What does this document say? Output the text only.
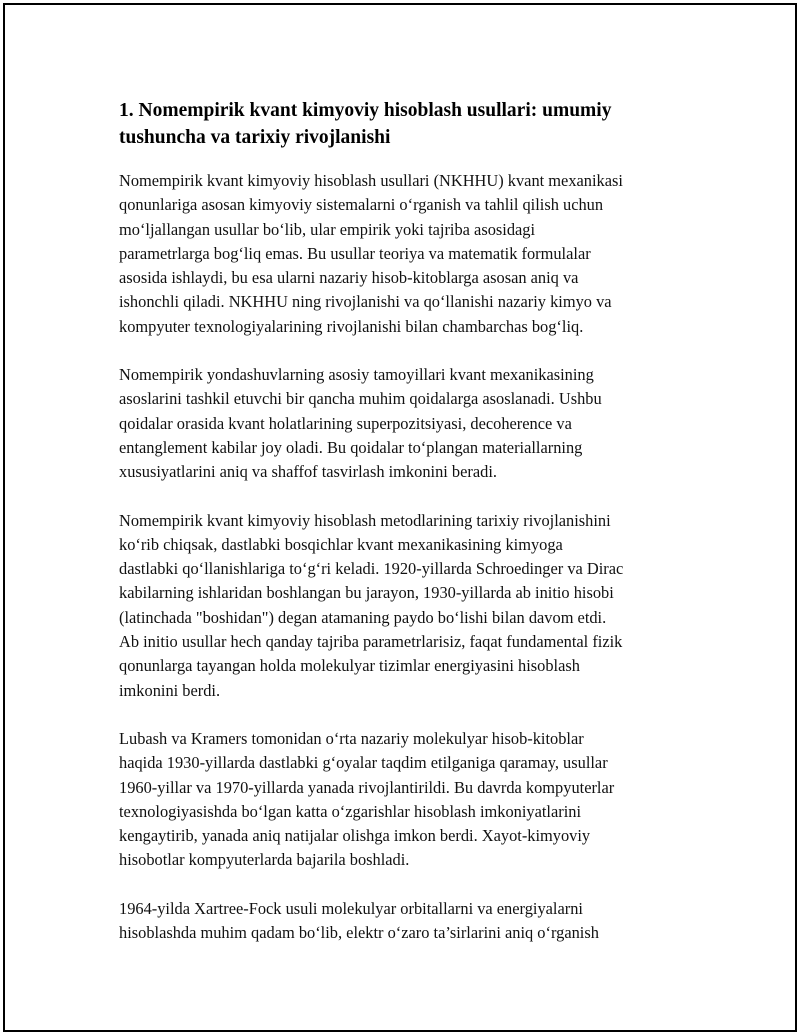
1. Nomempirik kvant kimyoviy hisoblash usullari: umumiy tushuncha va tarixiy rivojlanishi

Nomempirik kvant kimyoviy hisoblash usullari (NKHHU) kvant mexanikasi
qonunlariga asosan kimyoviy sistemalarni o‘rganish va tahlil qilish uchun
mo‘ljallangan usullar bo‘lib, ular empirik yoki tajriba asosidagi
parametrlarga bog‘liq emas. Bu usullar teoriya va matematik formulalar
asosida ishlaydi, bu esa ularni nazariy hisob-kitoblarga asosan aniq va
ishonchli qiladi. NKHHU ning rivojlanishi va qo‘llanishi nazariy kimyo va
kompyuter texnologiyalarining rivojlanishi bilan chambarchas bog‘liq.

Nomempirik yondashuvlarning asosiy tamoyillari kvant mexanikasining
asoslarini tashkil etuvchi bir qancha muhim qoidalarga asoslanadi. Ushbu
qoidalar orasida kvant holatlarining superpozitsiyasi, decoherence va
entanglement kabilar joy oladi. Bu qoidalar to‘plangan materiallarning
xususiyatlarini aniq va shaffof tasvirlash imkonini beradi.

Nomempirik kvant kimyoviy hisoblash metodlarining tarixiy rivojlanishini
ko‘rib chiqsak, dastlabki bosqichlar kvant mexanikasining kimyoga
dastlabki qo‘llanishlariga to‘g‘ri keladi. 1920-yillarda Schroedinger va Dirac
kabilarning ishlaridan boshlangan bu jarayon, 1930-yillarda ab initio hisobi
(latinchada "boshidan") degan atamaning paydo bo‘lishi bilan davom etdi.
Ab initio usullar hech qanday tajriba parametrlarisiz, faqat fundamental fizik
qonunlarga tayangan holda molekulyar tizimlar energiyasini hisoblash
imkonini berdi.

Lubash va Kramers tomonidan o‘rta nazariy molekulyar hisob-kitoblar
haqida 1930-yillarda dastlabki g‘oyalar taqdim etilganiga qaramay, usullar
1960-yillar va 1970-yillarda yanada rivojlantirildi. Bu davrda kompyuterlar
texnologiyasishda bo‘lgan katta o‘zgarishlar hisoblash imkoniyatlarini
kengaytirib, yanada aniq natijalar olishga imkon berdi. Xayot-kimyoviy
hisobotlar kompyuterlarda bajarila boshladi.

1964-yilda Xartree-Fock usuli molekulyar orbitallarni va energiyalarni
hisoblashda muhim qadam bo‘lib, elektr o‘zaro ta’sirlarini aniq o‘rganish
